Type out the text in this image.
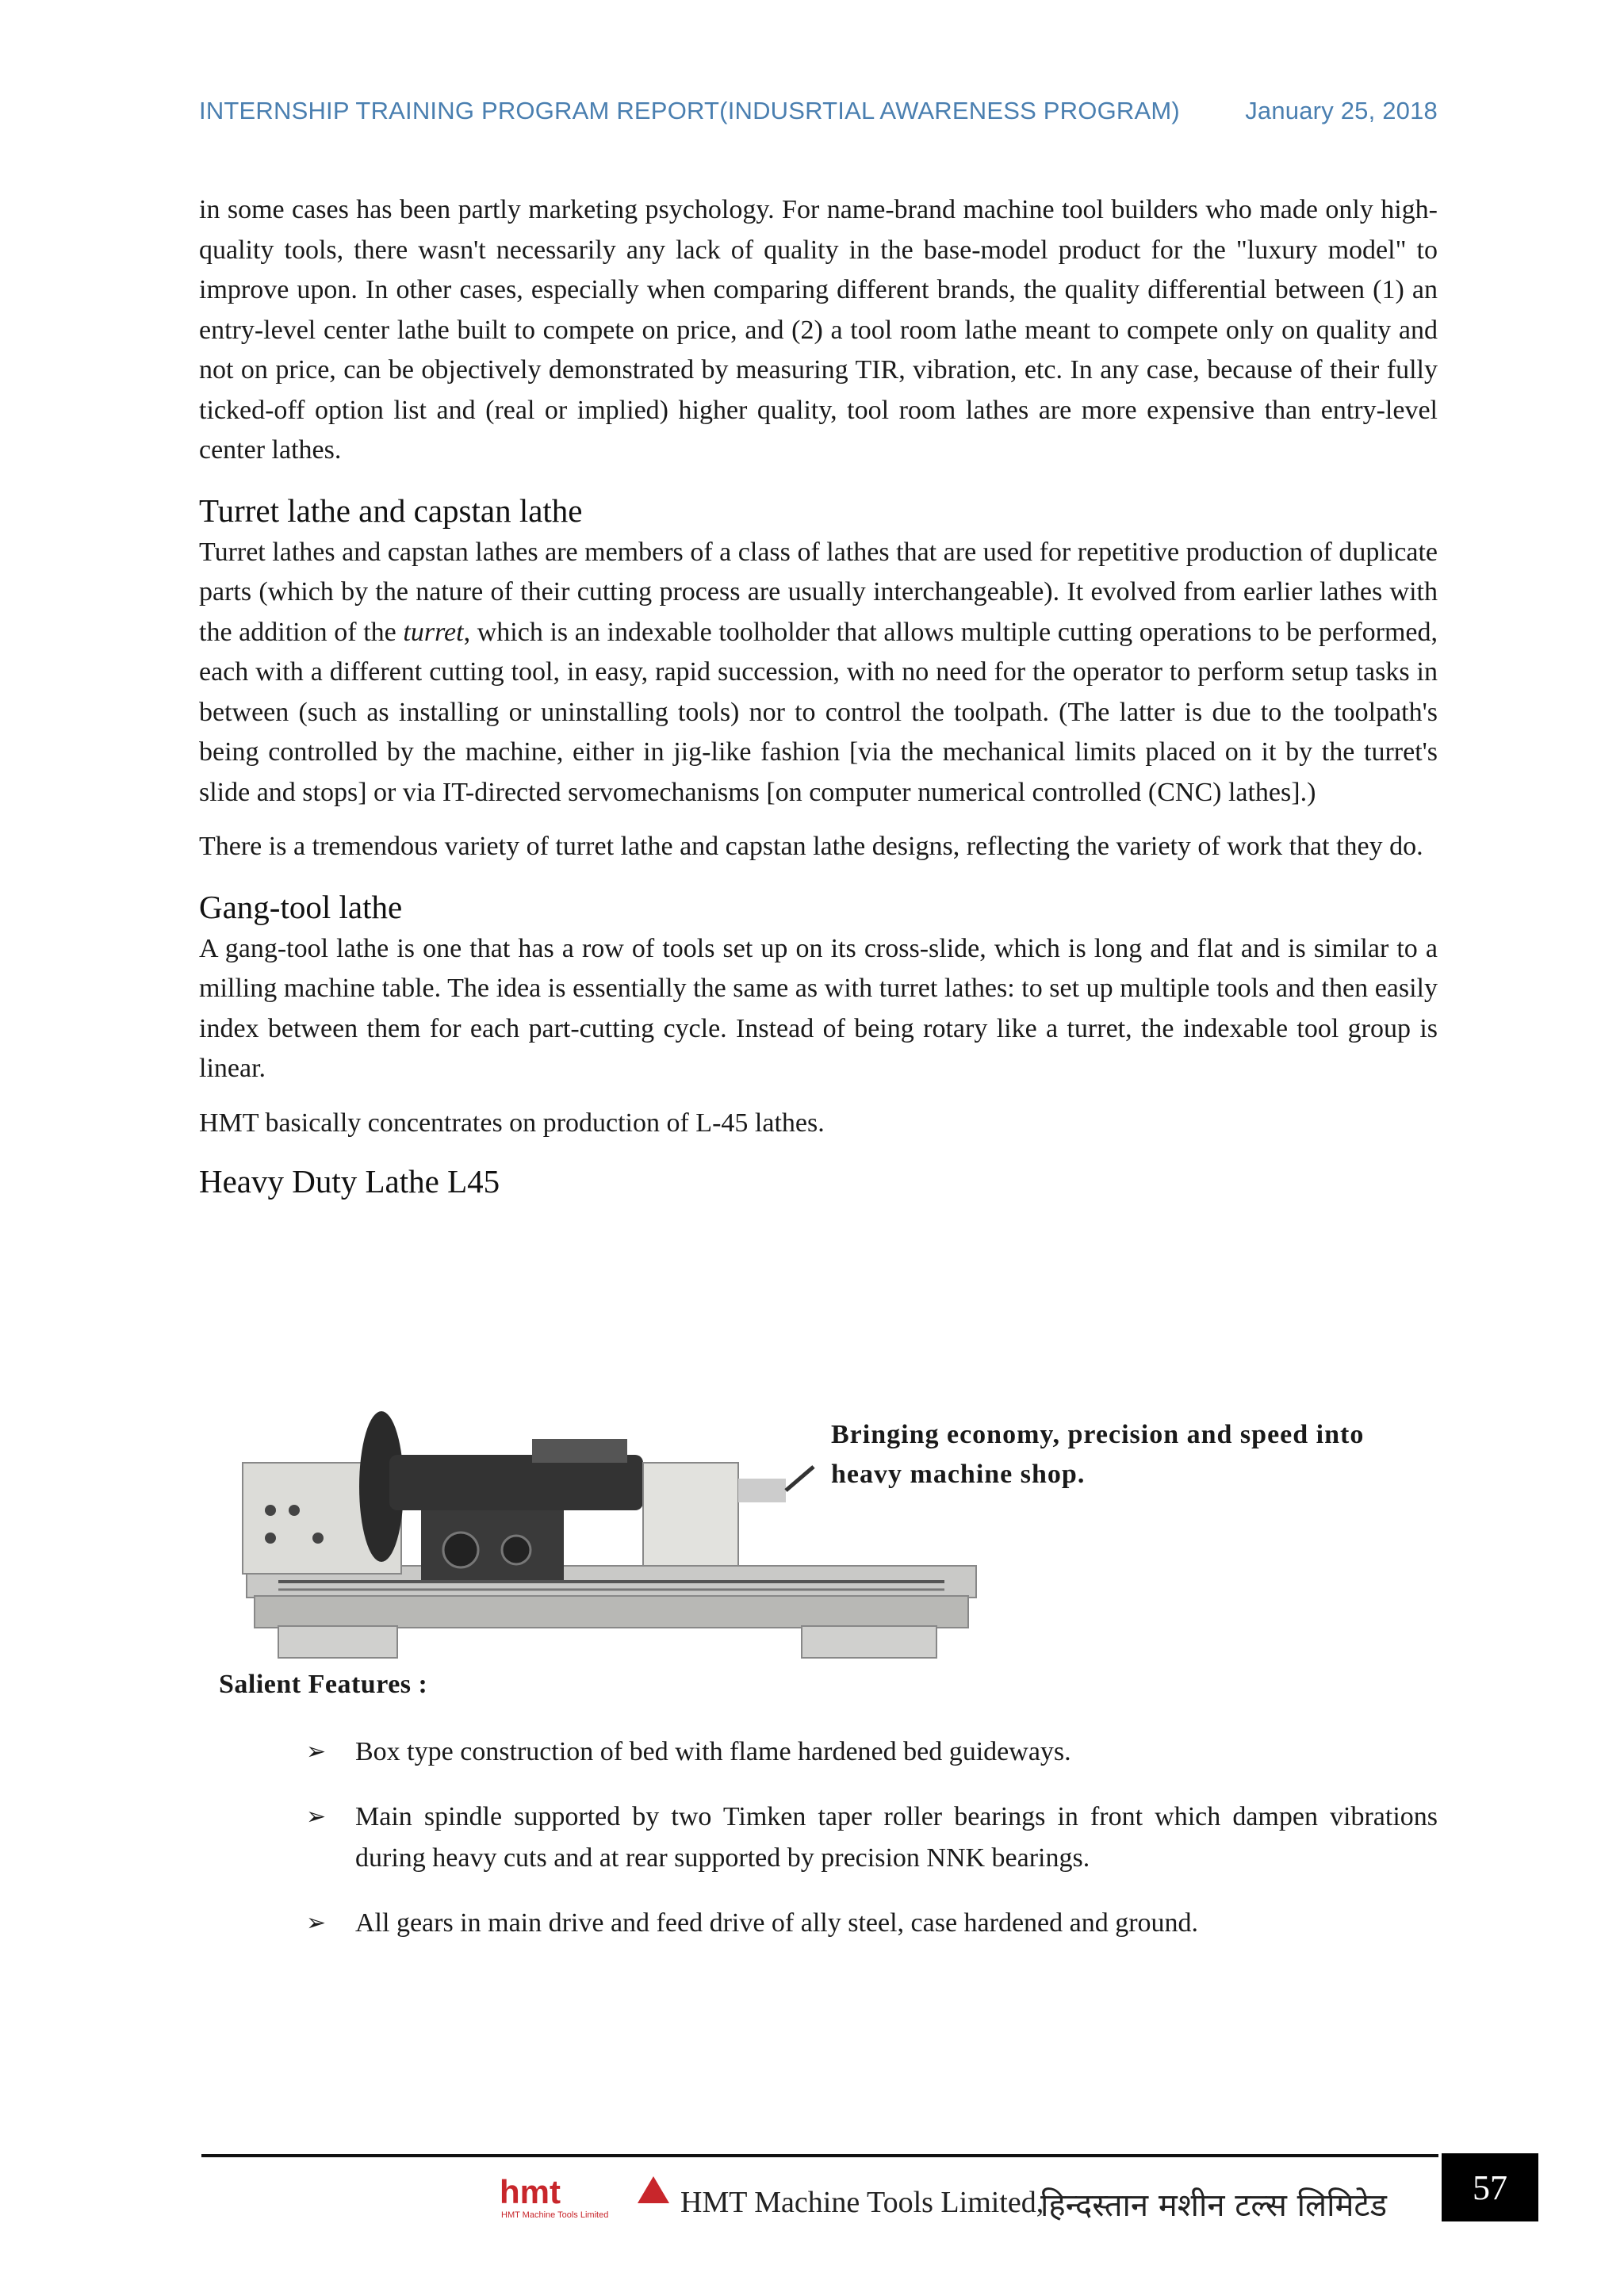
INTERNSHIP TRAINING PROGRAM REPORT(INDUSRTIAL AWARENESS PROGRAM)	January 25, 2018

in some cases has been partly marketing psychology. For name-brand machine tool builders who made only high-quality tools, there wasn't necessarily any lack of quality in the base-model product for the "luxury model" to improve upon. In other cases, especially when comparing different brands, the quality differential between (1) an entry-level center lathe built to compete on price, and (2) a tool room lathe meant to compete only on quality and not on price, can be objectively demonstrated by measuring TIR, vibration, etc. In any case, because of their fully ticked-off option list and (real or implied) higher quality, tool room lathes are more expensive than entry-level center lathes.

Turret lathe and capstan lathe

Turret lathes and capstan lathes are members of a class of lathes that are used for repetitive production of duplicate parts (which by the nature of their cutting process are usually interchangeable). It evolved from earlier lathes with the addition of the turret, which is an indexable toolholder that allows multiple cutting operations to be performed, each with a different cutting tool, in easy, rapid succession, with no need for the operator to perform setup tasks in between (such as installing or uninstalling tools) nor to control the toolpath. (The latter is due to the toolpath's being controlled by the machine, either in jig-like fashion [via the mechanical limits placed on it by the turret's slide and stops] or via IT-directed servomechanisms [on computer numerical controlled (CNC) lathes].)

There is a tremendous variety of turret lathe and capstan lathe designs, reflecting the variety of work that they do.

Gang-tool lathe

A gang-tool lathe is one that has a row of tools set up on its cross-slide, which is long and flat and is similar to a milling machine table. The idea is essentially the same as with turret lathes: to set up multiple tools and then easily index between them for each part-cutting cycle. Instead of being rotary like a turret, the indexable tool group is linear.

HMT basically concentrates on production of L-45 lathes.

Heavy Duty Lathe L45
Bringing economy, precision and speed into heavy machine shop.
Salient Features :
➢ Box type construction of bed with flame hardened bed guideways.
➢ Main spindle supported by two Timken taper roller bearings in front which dampen vibrations during heavy cuts and at rear supported by precision NNK bearings.
➢ All gears in main drive and feed drive of ally steel, case hardened and ground.
hmt
HMT Machine Tools Limited HMT Machine Tools Limited,
हिन्दस्तान मशीन टल्स लिमिटेड	57
